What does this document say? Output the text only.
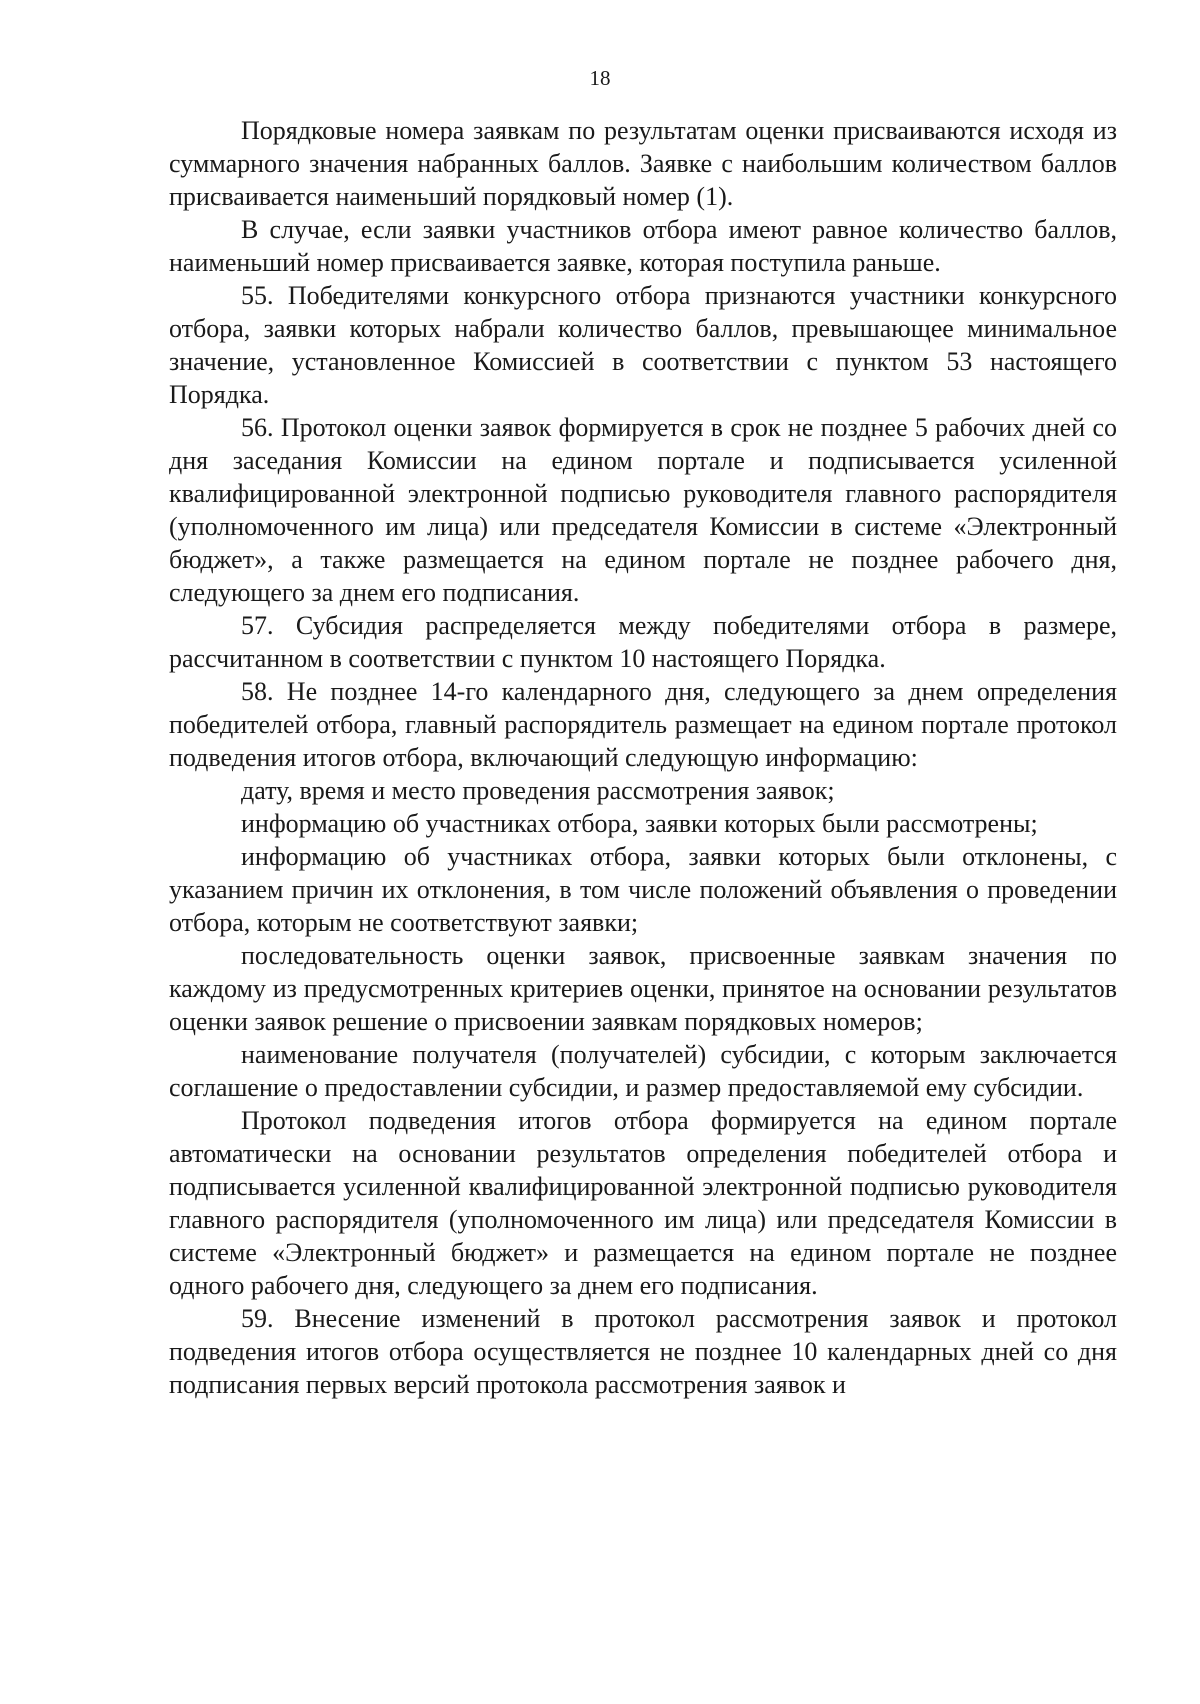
18

Порядковые номера заявкам по результатам оценки присваиваются исходя из суммарного значения набранных баллов. Заявке с наибольшим количеством баллов присваивается наименьший порядковый номер (1).

В случае, если заявки участников отбора имеют равное количество баллов, наименьший номер присваивается заявке, которая поступила раньше.

55. Победителями конкурсного отбора признаются участники конкурсного отбора, заявки которых набрали количество баллов, превышающее минимальное значение, установленное Комиссией в соответствии с пунктом 53 настоящего Порядка.

56. Протокол оценки заявок формируется в срок не позднее 5 рабочих дней со дня заседания Комиссии на едином портале и подписывается усиленной квалифицированной электронной подписью руководителя главного распорядителя (уполномоченного им лица) или председателя Комиссии в системе «Электронный бюджет», а также размещается на едином портале не позднее рабочего дня, следующего за днем его подписания.

57. Субсидия распределяется между победителями отбора в размере, рассчитанном в соответствии с пунктом 10 настоящего Порядка.

58. Не позднее 14-го календарного дня, следующего за днем определения победителей отбора, главный распорядитель размещает на едином портале протокол подведения итогов отбора, включающий следующую информацию:

дату, время и место проведения рассмотрения заявок;

информацию об участниках отбора, заявки которых были рассмотрены;

информацию об участниках отбора, заявки которых были отклонены, с указанием причин их отклонения, в том числе положений объявления о проведении отбора, которым не соответствуют заявки;

последовательность оценки заявок, присвоенные заявкам значения по каждому из предусмотренных критериев оценки, принятое на основании результатов оценки заявок решение о присвоении заявкам порядковых номеров;

наименование получателя (получателей) субсидии, с которым заключается соглашение о предоставлении субсидии, и размер предоставляемой ему субсидии.

Протокол подведения итогов отбора формируется на едином портале автоматически на основании результатов определения победителей отбора и подписывается усиленной квалифицированной электронной подписью руководителя главного распорядителя (уполномоченного им лица) или председателя Комиссии в системе «Электронный бюджет» и размещается на едином портале не позднее одного рабочего дня, следующего за днем его подписания.

59. Внесение изменений в протокол рассмотрения заявок и протокол подведения итогов отбора осуществляется не позднее 10 календарных дней со дня подписания первых версий протокола рассмотрения заявок и
